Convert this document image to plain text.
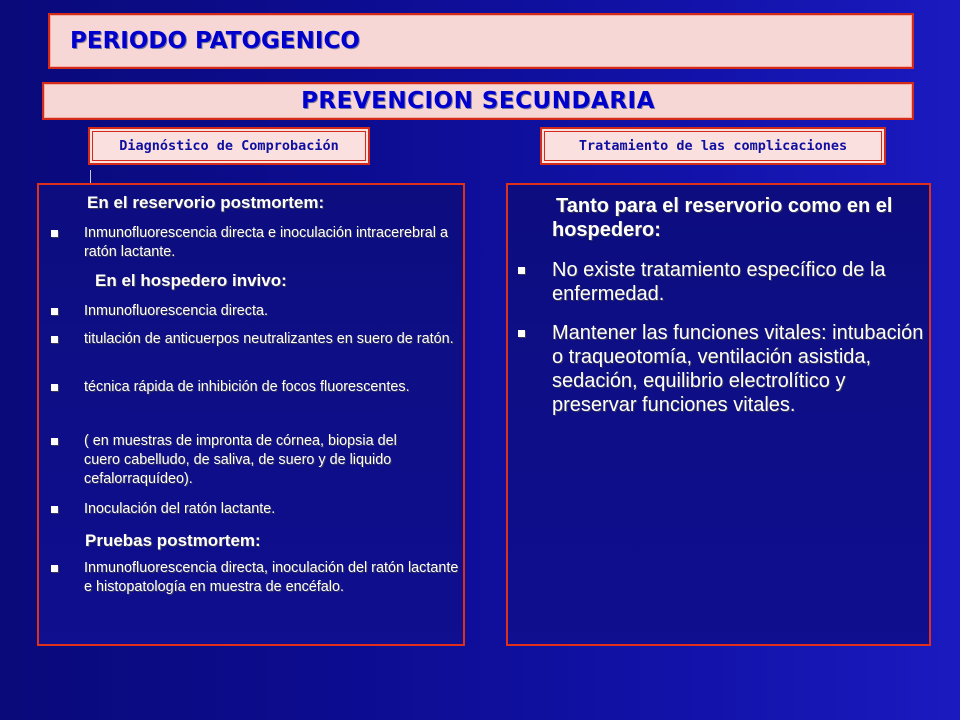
PERIODO PATOGENICO
PREVENCION SECUNDARIA
Diagnóstico de Comprobación	Tratamiento de las complicaciones
En el reservorio postmortem:
Inmunofluorescencia directa e inoculación intracerebral a ratón lactante.
En el hospedero invivo:
Inmunofluorescencia directa.
titulación de anticuerpos neutralizantes en suero de ratón.
técnica rápida de inhibición de focos fluorescentes.
( en muestras de impronta de córnea, biopsia del cuero cabelludo, de saliva, de suero y de liquido cefalorraquídeo).
Inoculación del ratón lactante.
Pruebas postmortem:
Inmunofluorescencia directa, inoculación del ratón lactante e histopatología en muestra de encéfalo.
Tanto para el reservorio como en el hospedero:
No existe tratamiento específico de la enfermedad.
Mantener las funciones vitales: intubación o traqueotomía, ventilación asistida, sedación, equilibrio electrolítico y preservar funciones vitales.
